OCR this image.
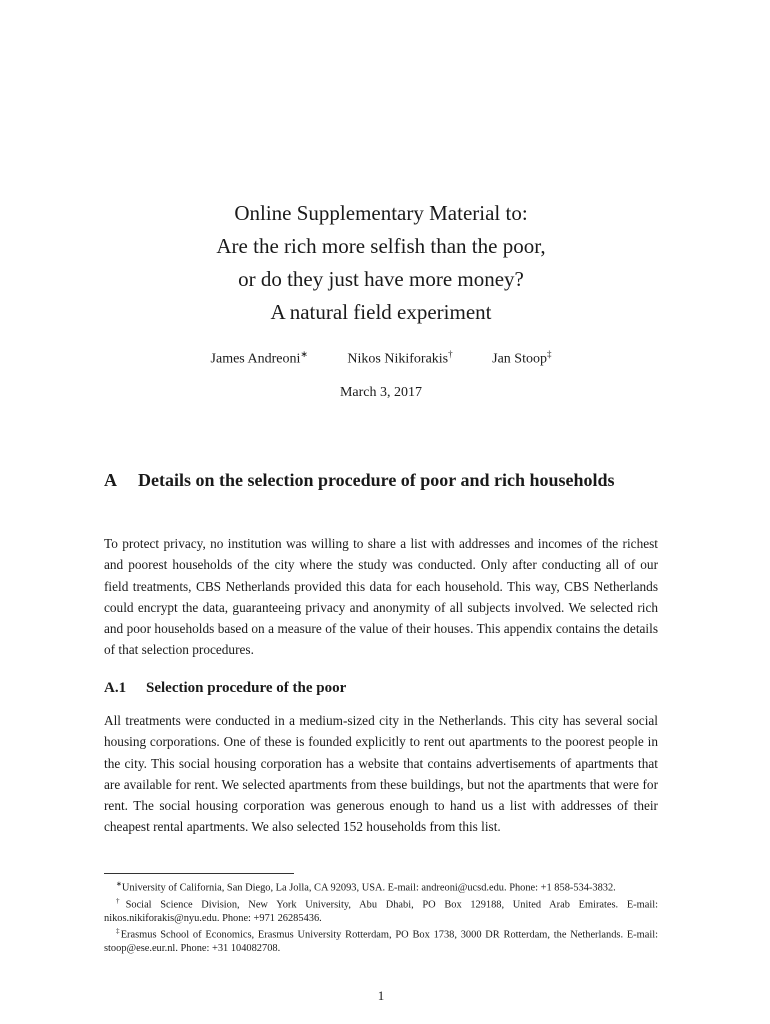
Online Supplementary Material to:
Are the rich more selfish than the poor,
or do they just have more money?
A natural field experiment
James Andreoni∗	Nikos Nikiforakis†	Jan Stoop‡
March 3, 2017
A Details on the selection procedure of poor and rich households
To protect privacy, no institution was willing to share a list with addresses and incomes of the richest and poorest households of the city where the study was conducted. Only after conducting all of our field treatments, CBS Netherlands provided this data for each household. This way, CBS Netherlands could encrypt the data, guaranteeing privacy and anonymity of all subjects involved. We selected rich and poor households based on a measure of the value of their houses. This appendix contains the details of that selection procedures.
A.1 Selection procedure of the poor
All treatments were conducted in a medium-sized city in the Netherlands. This city has several social housing corporations. One of these is founded explicitly to rent out apartments to the poorest people in the city. This social housing corporation has a website that contains advertisements of apartments that are available for rent. We selected apartments from these buildings, but not the apartments that were for rent. The social housing corporation was generous enough to hand us a list with addresses of their cheapest rental apartments. We also selected 152 households from this list.
∗University of California, San Diego, La Jolla, CA 92093, USA. E-mail: andreoni@ucsd.edu. Phone: +1 858-534-3832.
†Social Science Division, New York University, Abu Dhabi, PO Box 129188, United Arab Emirates. E-mail: nikos.nikiforakis@nyu.edu. Phone: +971 26285436.
‡Erasmus School of Economics, Erasmus University Rotterdam, PO Box 1738, 3000 DR Rotterdam, the Netherlands. E-mail: stoop@ese.eur.nl. Phone: +31 104082708.
1
